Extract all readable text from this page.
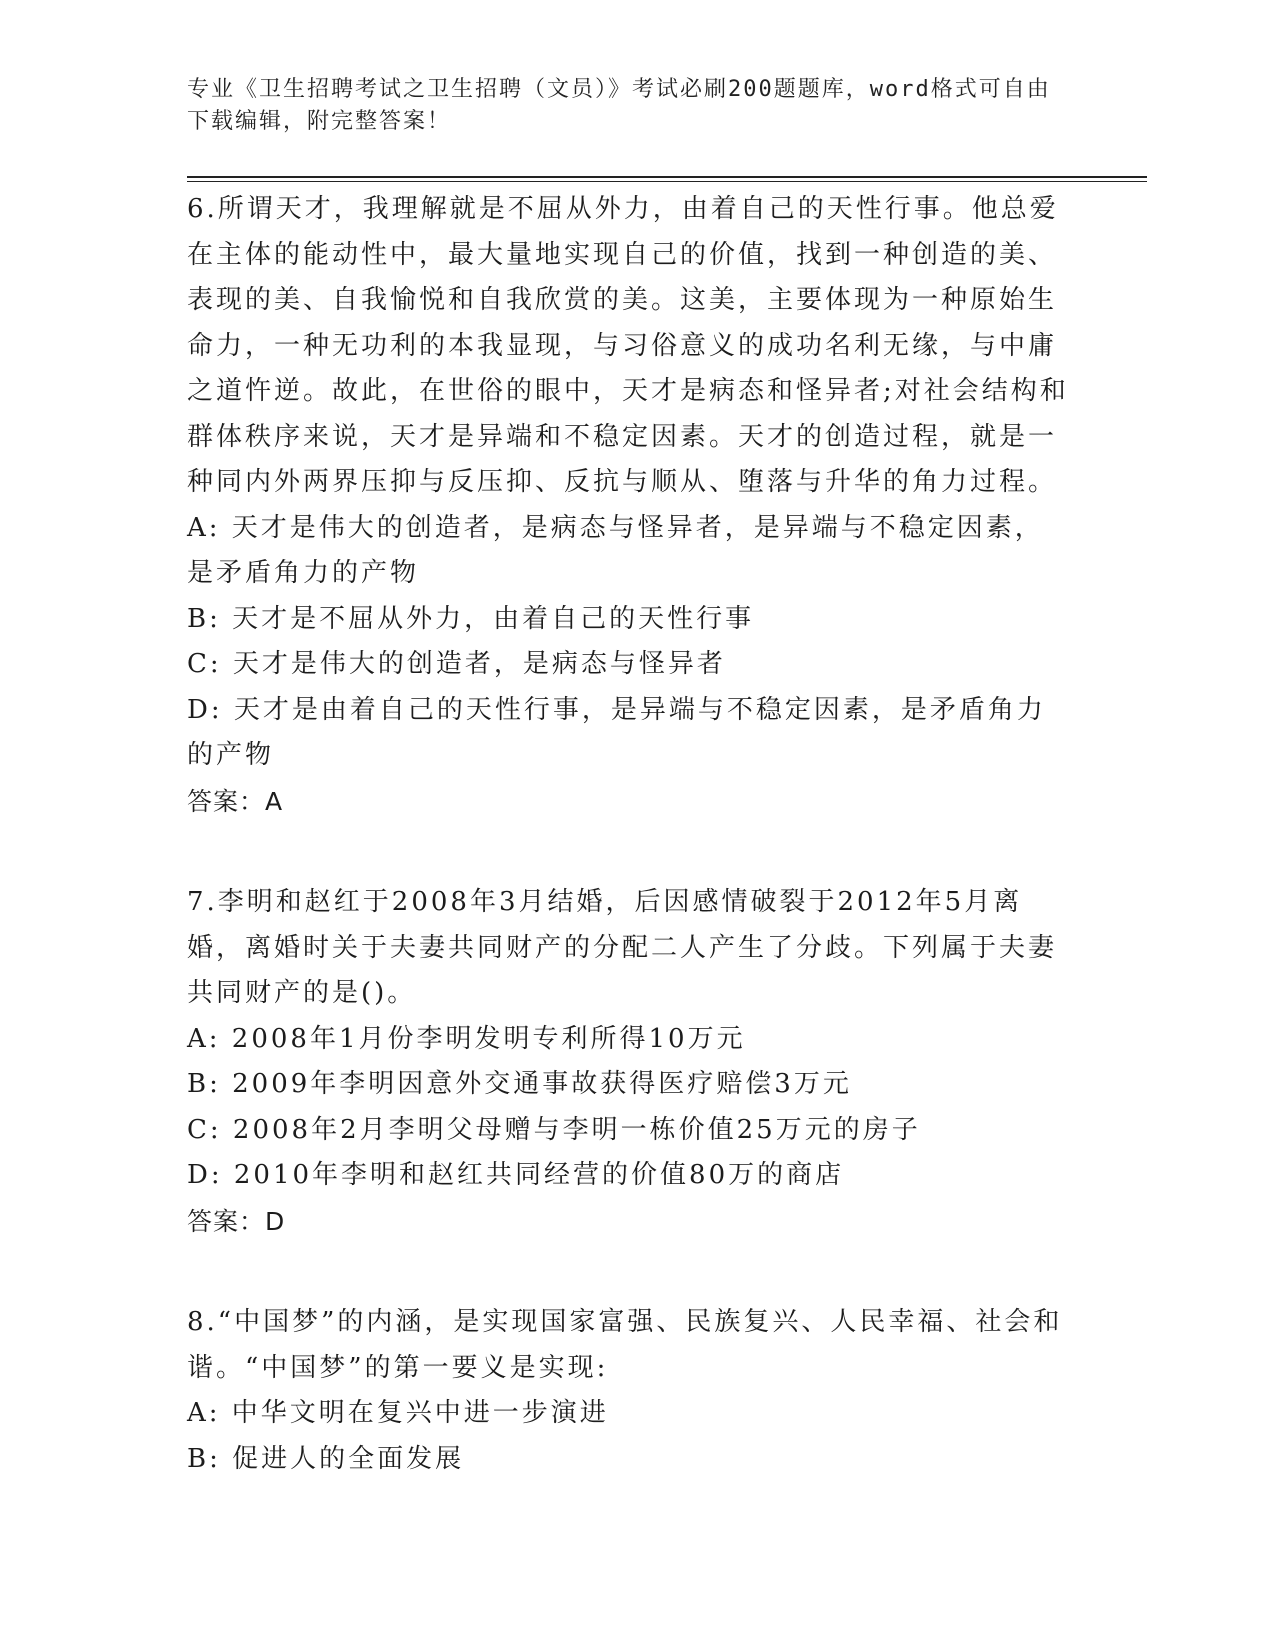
专业《卫生招聘考试之卫生招聘（文员）》考试必刷200题题库，word格式可自由下载编辑，附完整答案！

6.所谓天才，我理解就是不屈从外力，由着自己的天性行事。他总爱在主体的能动性中，最大量地实现自己的价值，找到一种创造的美、表现的美、自我愉悦和自我欣赏的美。这美，主要体现为一种原始生命力，一种无功利的本我显现，与习俗意义的成功名利无缘，与中庸之道忤逆。故此，在世俗的眼中，天才是病态和怪异者;对社会结构和群体秩序来说，天才是异端和不稳定因素。天才的创造过程，就是一种同内外两界压抑与反压抑、反抗与顺从、堕落与升华的角力过程。

A: 天才是伟大的创造者，是病态与怪异者，是异端与不稳定因素，是矛盾角力的产物

B: 天才是不屈从外力，由着自己的天性行事

C: 天才是伟大的创造者，是病态与怪异者

D: 天才是由着自己的天性行事，是异端与不稳定因素，是矛盾角力的产物

答案：A

7.李明和赵红于2008年3月结婚，后因感情破裂于2012年5月离婚，离婚时关于夫妻共同财产的分配二人产生了分歧。下列属于夫妻共同财产的是()。

A: 2008年1月份李明发明专利所得10万元

B: 2009年李明因意外交通事故获得医疗赔偿3万元

C: 2008年2月李明父母赠与李明一栋价值25万元的房子

D: 2010年李明和赵红共同经营的价值80万的商店

答案：D

8.“中国梦”的内涵，是实现国家富强、民族复兴、人民幸福、社会和谐。“中国梦”的第一要义是实现:

A: 中华文明在复兴中进一步演进

B: 促进人的全面发展
